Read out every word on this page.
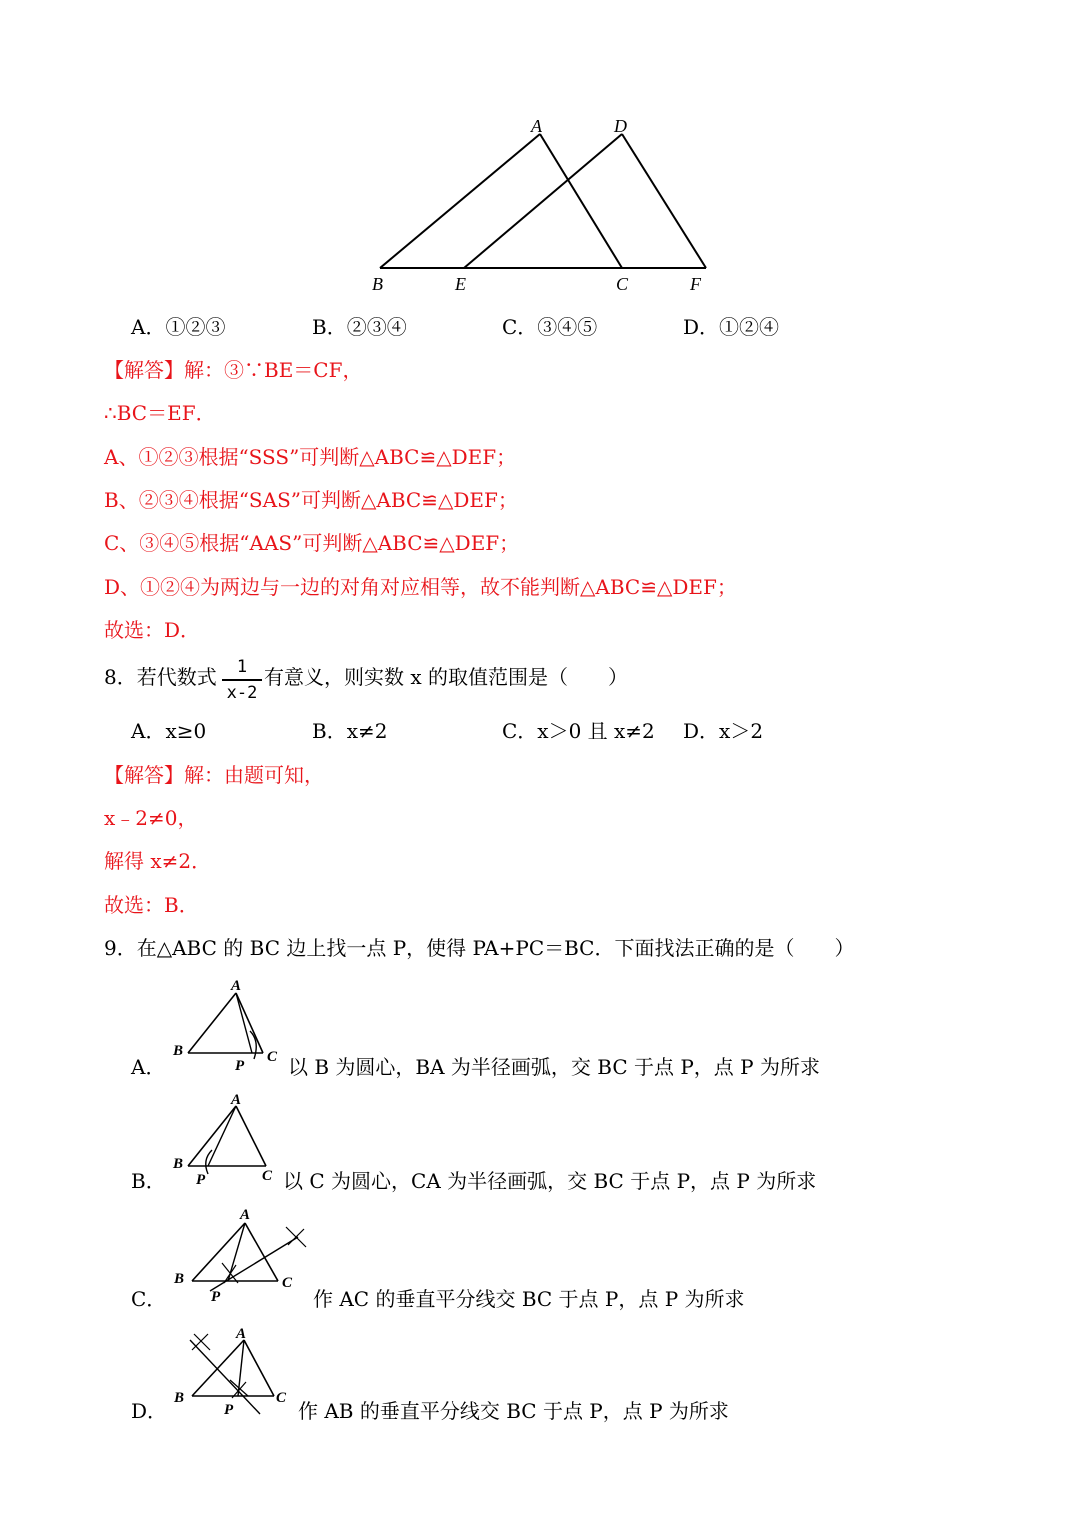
A	D
B	E	C	F
A．①②③	B．②③④	C．③④⑤	D．①②④
【解答】解：③∵BE＝CF，
∴BC＝EF．
A、①②③根据“SSS”可判断△ABC≌△DEF；
B、②③④根据“SAS”可判断△ABC≌△DEF；
C、③④⑤根据“AAS”可判断△ABC≌△DEF；
D、①②④为两边与一边的对角对应相等，故不能判断△ABC≌△DEF；
故选：D．
8．若代数式	1
x-2
有意义，则实数 x 的取值范围是（　　）
A．x≥0	B．x≠2	C．x＞0 且 x≠2 D．x＞2
【解答】解：由题可知，
x﹣2≠0，
解得 x≠2．
故选：B．
9．在△ABC 的 BC 边上找一点 P，使得 PA+PC＝BC．下面找法正确的是（　　）
A．
A
B
P
C 以 B 为圆心，BA 为半径画弧，交 BC 于点 P，点 P 为所求
B．
A
B
P	C 以 C 为圆心，CA 为半径画弧，交 BC 于点 P，点 P 为所求
C．
A
B
P
C
作 AC 的垂直平分线交 BC 于点 P，点 P 为所求
D．
A
B
P
C
作 AB 的垂直平分线交 BC 于点 P，点 P 为所求
